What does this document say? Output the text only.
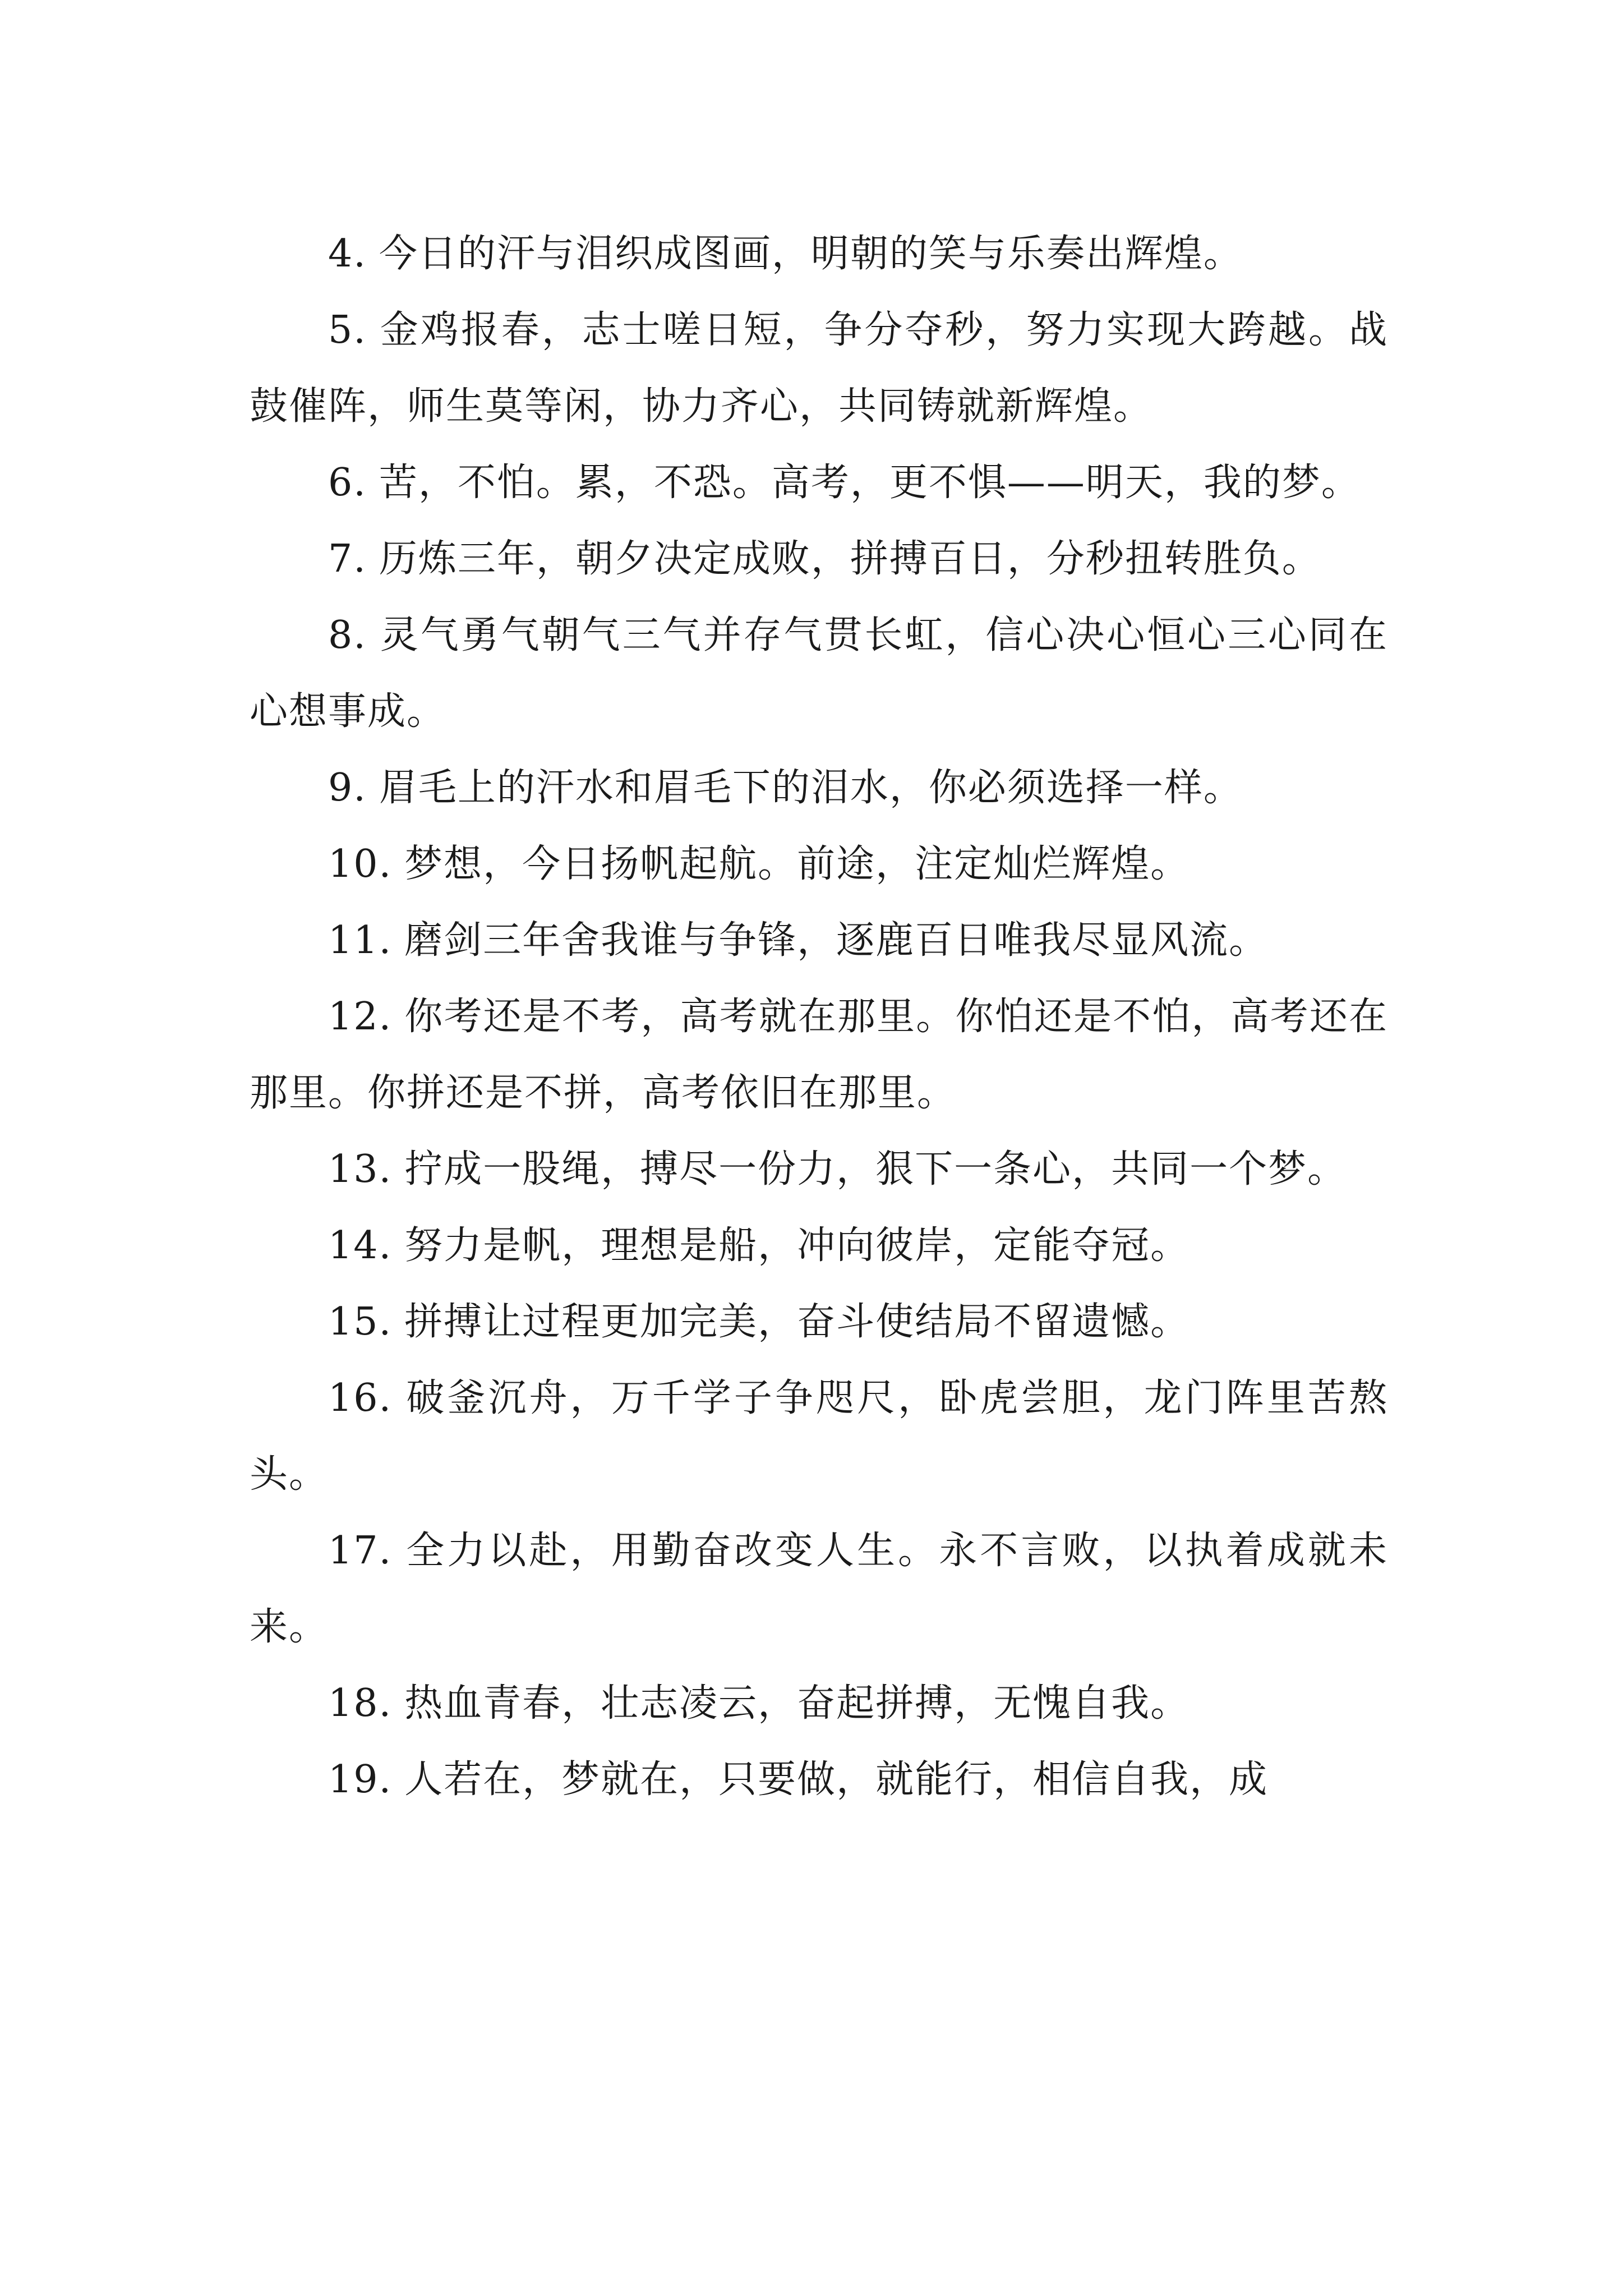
4. 今日的汗与泪织成图画，明朝的笑与乐奏出辉煌。

5. 金鸡报春，志士嗟日短，争分夺秒，努力实现大跨越。战鼓催阵，师生莫等闲，协力齐心，共同铸就新辉煌。

6. 苦，不怕。累，不恐。高考，更不惧——明天，我的梦。

7. 历炼三年，朝夕决定成败，拼搏百日，分秒扭转胜负。

8. 灵气勇气朝气三气并存气贯长虹，信心决心恒心三心同在心想事成。

9. 眉毛上的汗水和眉毛下的泪水，你必须选择一样。

10. 梦想，今日扬帆起航。前途，注定灿烂辉煌。

11. 磨剑三年舍我谁与争锋，逐鹿百日唯我尽显风流。

12. 你考还是不考，高考就在那里。你怕还是不怕，高考还在那里。你拼还是不拼，高考依旧在那里。

13. 拧成一股绳，搏尽一份力，狠下一条心，共同一个梦。

14. 努力是帆，理想是船，冲向彼岸，定能夺冠。

15. 拼搏让过程更加完美，奋斗使结局不留遗憾。

16. 破釜沉舟，万千学子争咫尺，卧虎尝胆，龙门阵里苦熬头。

17. 全力以赴，用勤奋改变人生。永不言败，以执着成就未来。

18. 热血青春，壮志凌云，奋起拼搏，无愧自我。

19. 人若在，梦就在，只要做，就能行，相信自我，成
